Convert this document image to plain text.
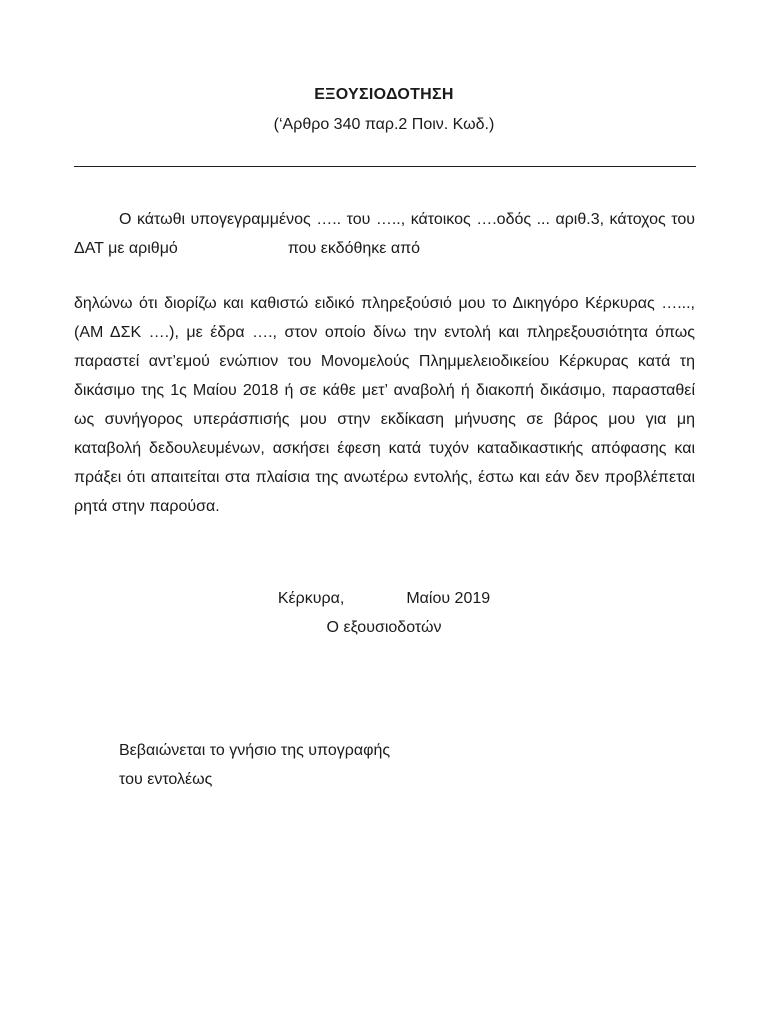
ΕΞΟΥΣΙΟΔΟΤΗΣΗ
(‘Αρθρο 340 παρ.2 Ποιν. Κωδ.)
Ο κάτωθι υπογεγραμμένος ….. του ….., κάτοικος ….οδός ... αριθ.3, κάτοχος του ΔΑΤ με αριθμό	που εκδόθηκε από
δηλώνω ότι διορίζω και καθιστώ ειδικό πληρεξούσιό μου το Δικηγόρο Κέρκυρας …..., (ΑΜ ΔΣΚ ….), με έδρα …., στον οποίο δίνω την εντολή και πληρεξουσιότητα όπως παραστεί αντ’εμού ενώπιον του Μονομελούς Πλημμελειοδικείου Κέρκυρας κατά τη δικάσιμο της 1ς Μαίου 2018 ή σε κάθε μετ’ αναβολή ή διακοπή δικάσιμο, παρασταθεί ως συνήγορος υπεράσπισής μου στην εκδίκαση μήνυσης σε βάρος μου για μη καταβολή δεδουλευμένων, ασκήσει έφεση κατά τυχόν καταδικαστικής απόφασης και πράξει ότι απαιτείται στα πλαίσια της ανωτέρω εντολής, έστω και εάν δεν προβλέπεται ρητά στην παρούσα.
Κέρκυρα,	Μαίου 2019
Ο εξουσιοδοτών
Βεβαιώνεται το γνήσιο της υπογραφής
του εντολέως
